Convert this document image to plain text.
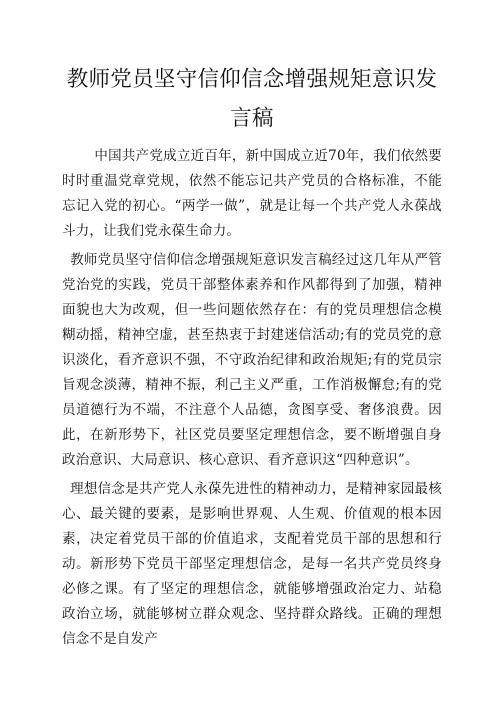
教师党员坚守信仰信念增强规矩意识发言稿

中国共产党成立近百年，新中国成立近70年，我们依然要时时重温党章党规，依然不能忘记共产党员的合格标准，不能忘记入党的初心。“两学一做”，就是让每一个共产党人永葆战斗力，让我们党永葆生命力。

教师党员坚守信仰信念增强规矩意识发言稿经过这几年从严管党治党的实践，党员干部整体素养和作风都得到了加强，精神面貌也大为改观，但一些问题依然存在：有的党员理想信念模糊动摇，精神空虚，甚至热衷于封建迷信活动;有的党员党的意识淡化，看齐意识不强，不守政治纪律和政治规矩;有的党员宗旨观念淡薄，精神不振，利己主义严重，工作消极懈怠;有的党员道德行为不端，不注意个人品德，贪图享受、奢侈浪费。因此，在新形势下，社区党员要坚定理想信念，要不断增强自身政治意识、大局意识、核心意识、看齐意识这“四种意识”。

理想信念是共产党人永葆先进性的精神动力，是精神家园最核心、最关键的要素，是影响世界观、人生观、价值观的根本因素，决定着党员干部的价值追求，支配着党员干部的思想和行动。新形势下党员干部坚定理想信念，是每一名共产党员终身必修之课。有了坚定的理想信念，就能够增强政治定力、站稳政治立场，就能够树立群众观念、坚持群众路线。正确的理想信念不是自发产
